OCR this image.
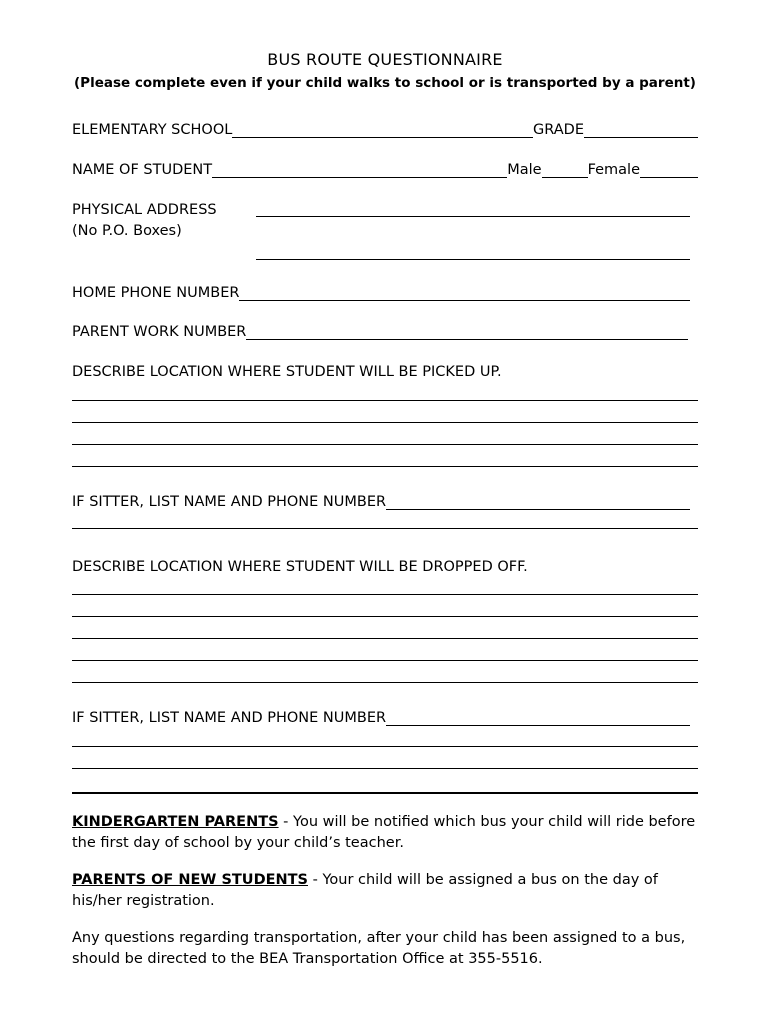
BUS ROUTE QUESTIONNAIRE
(Please complete even if your child walks to school or is transported by a parent)
ELEMENTARY SCHOOL	GRADE
NAME OF STUDENT	Male	Female
PHYSICAL ADDRESS
(No P.O. Boxes)
HOME PHONE NUMBER
PARENT WORK NUMBER
DESCRIBE LOCATION WHERE STUDENT WILL BE PICKED UP.
IF SITTER, LIST NAME AND PHONE NUMBER
DESCRIBE LOCATION WHERE STUDENT WILL BE DROPPED OFF.
IF SITTER, LIST NAME AND PHONE NUMBER
KINDERGARTEN PARENTS - You will be notified which bus your child will ride before the first day of school by your child’s teacher.
PARENTS OF NEW STUDENTS - Your child will be assigned a bus on the day of his/her registration.
Any questions regarding transportation, after your child has been assigned to a bus, should be directed to the BEA Transportation Office at 355-5516.
